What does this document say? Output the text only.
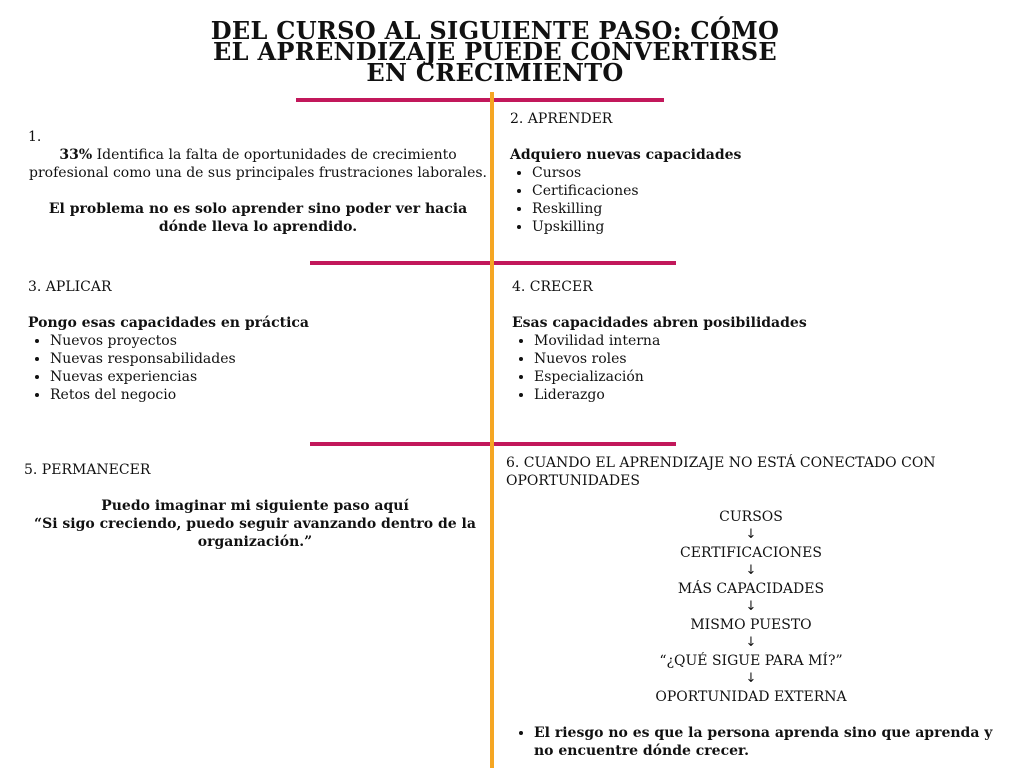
DEL CURSO AL SIGUIENTE PASO: CÓMO
EL APRENDIZAJE PUEDE CONVERTIRSE
EN CRECIMIENTO
1.
33% Identifica la falta de oportunidades de crecimiento profesional como una de sus principales frustraciones laborales.
El problema no es solo aprender sino poder ver hacia dónde lleva lo aprendido.
2. APRENDER
Adquiero nuevas capacidades
• Cursos
• Certificaciones
• Reskilling
• Upskilling
3. APLICAR
Pongo esas capacidades en práctica
• Nuevos proyectos
• Nuevas responsabilidades
• Nuevas experiencias
• Retos del negocio
4. CRECER
Esas capacidades abren posibilidades
• Movilidad interna
• Nuevos roles
• Especialización
• Liderazgo
5. PERMANECER
Puedo imaginar mi siguiente paso aquí
“Si sigo creciendo, puedo seguir avanzando dentro de la organización.”
6. CUANDO EL APRENDIZAJE NO ESTÁ CONECTADO CON OPORTUNIDADES
CURSOS
↓
CERTIFICACIONES
↓
MÁS CAPACIDADES
↓
MISMO PUESTO
↓
“¿QUÉ SIGUE PARA MÍ?”
↓
OPORTUNIDAD EXTERNA
• El riesgo no es que la persona aprenda sino que aprenda y no encuentre dónde crecer.
